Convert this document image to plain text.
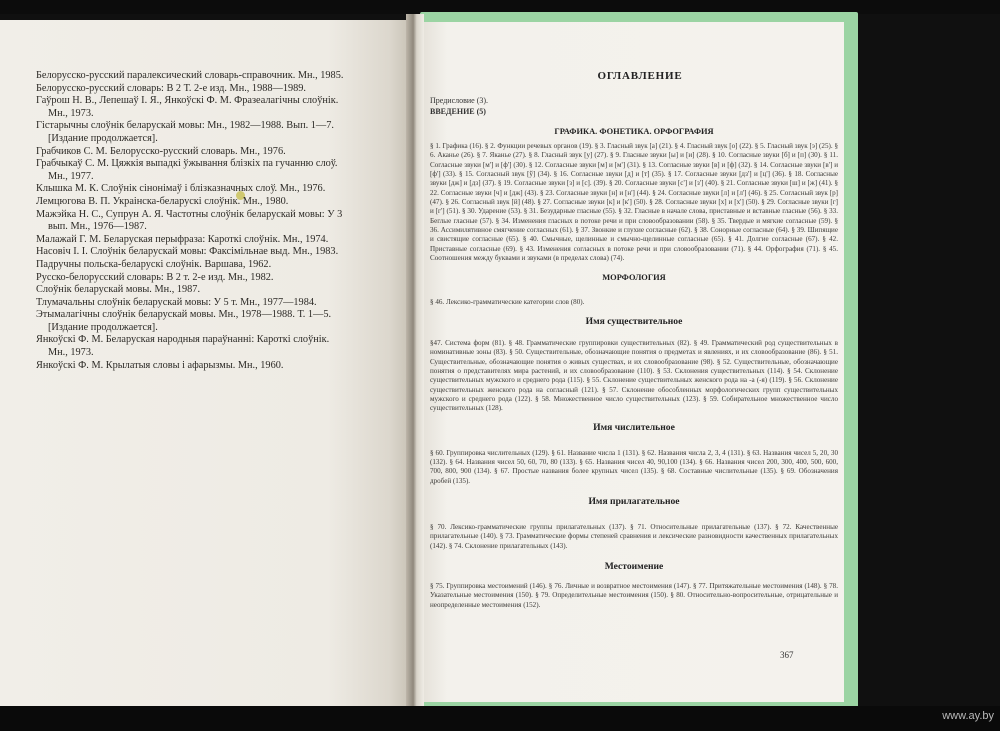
Белорусско-русский паралексический словарь-справочник. Мн., 1985.
Белорусско-русский словарь: В 2 Т. 2-е изд. Мн., 1988—1989.
Гаўрош Н. В., Лепешаў І. Я., Янкоўскі Ф. М. Фразеалагічны слоўнік.
Мн., 1973.
Гістарычны слоўнік беларускай мовы: Мн., 1982—1988. Вып. 1—7.
[Издание продолжается].
Грабчиков С. М. Белорусско-русский словарь. Мн., 1976.
Грабчыкаў С. М. Цяжкія выпадкі ўжывання блізкіх па гучанню слоў.
Мн., 1977.
Клышка М. К. Слоўнік сінонімаў і блізказначных слоў. Мн., 1976.
Лемцюгова В. П. Украінска-беларускі слоўнік. Мн., 1980.
Мажэйка Н. С., Супрун А. Я. Частотны слоўнік беларускай мовы: У 3
вып. Мн., 1976—1987.
Малажай Г. М. Беларуская перыфраза: Кароткі слоўнік. Мн., 1974.
Насовіч І. І. Слоўнік беларускай мовы: Факсімільнае выд. Мн., 1983.
Падручны польска-беларускі слоўнік. Варшава, 1962.
Русско-белорусский словарь: В 2 т. 2-е изд. Мн., 1982.
Слоўнік беларускай мовы. Мн., 1987.
Тлумачальны слоўнік беларускай мовы: У 5 т. Мн., 1977—1984.
Этымалагічны слоўнік беларускай мовы. Мн., 1978—1988. Т. 1—5.
[Издание продолжается].
Янкоўскі Ф. М. Беларуская народныя параўнанні: Кароткі слоўнік.
Мн., 1973.
Янкоўскі Ф. М. Крылатыя словы і афарызмы. Мн., 1960.
ОГЛАВЛЕНИЕ
Предисловие (3).
ВВЕДЕНИЕ (5)
ГРАФИКА. ФОНЕТИКА. ОРФОГРАФИЯ
§ 1. Графика (16). § 2. Функции речевых органов (19). § 3. Гласный звук [а] (21). § 4. Гласный звук [о] (22). § 5. Гласный звук [э] (25). § 6. Аканье (26). § 7. Яканье (27). § 8. Гласный звук [у] (27). § 9. Гласные звуки [ы] и [и] (28). § 10. Согласные звуки [б] и [п] (30). § 11. Согласные звуки [м'] и [ф'] (30). § 12. Согласные звуки [м] и [м'] (31). § 13. Согласные звуки [в] и [ф] (32). § 14. Согласные звуки [в'] и [ф'] (33). § 15. Согласный звук [ў] (34). § 16. Согласные звуки [д] и [т] (35). § 17. Согласные звуки [дз'] и [ц'] (36). § 18. Согласные звуки [дж] и [дз] (37). § 19. Согласные звуки [з] и [с]. (39). § 20. Согласные звуки [с'] и [з'] (40). § 21. Согласные звуки [ш] и [ж] (41). § 22. Согласные звуки [ч] и [дж] (43). § 23. Согласные звуки [н] и [н'] (44). § 24. Согласные звуки [л] и [л'] (46). § 25. Согласный звук [р] (47). § 26. Согласный звук [й] (48). § 27. Согласные звуки [к] и [к'] (50). § 28. Согласные звуки [х] и [х'] (50). § 29. Согласные звуки [г] и [г'] (51). § 30. Ударение (53). § 31. Безударные гласные (55). § 32. Гласные в начале слова, приставные и вставные гласные (56). § 33. Беглые гласные (57). § 34. Изменения гласных в потоке речи и при словообразовании (58). § 35. Твердые и мягкие согласные (59). § 36. Ассимилятивное смягчение согласных (61). § 37. Звонкие и глухие согласные (62). § 38. Сонорные согласные (64). § 39. Шипящие и свистящие согласные (65). § 40. Смычные, щелинные и смычно-щелинные согласные (65). § 41. Долгие согласные (67). § 42. Приставные согласные (69). § 43. Изменения согласных в потоке речи и при словообразовании (71). § 44. Орфография (71). § 45. Соотношения между буквами и звуками (в пределах слова) (74).
МОРФОЛОГИЯ
§ 46. Лексико-грамматические категории слов (80).
Имя существительное
§47. Система форм (81). § 48. Грамматические группировки существительных (82). § 49. Грамматический род существительных в номинативные зоны (83). § 50. Существительные, обозначающие понятия о предметах и явлениях, и их словообразование (86). § 51. Существительные, обозначающие понятия о живых существах, и их словообразование (98). § 52. Существительные, обозначающие понятия о представителях мира растений, и их словообразование (110). § 53. Склонения существительных (114). § 54. Склонение существительных мужского и среднего рода (115). § 55. Склонение существительных женского рода на -а (-я) (119). § 56. Склонение существительных женского рода на согласный (121). § 57. Склонение обособленных морфологических групп существительных мужского и среднего рода (122). § 58. Множественное число существительных (123). § 59. Собирательное множественное число существительных (128).
Имя числительное
§ 60. Группировка числительных (129). § 61. Название числа 1 (131). § 62. Названия числа 2, 3, 4 (131). § 63. Названия чисел 5, 20, 30 (132). § 64. Названия чисел 50, 60, 70, 80 (133). § 65. Названия чисел 40, 90,100 (134). § 66. Названия чисел 200, 300, 400, 500, 600, 700, 800, 900 (134). § 67. Простые названия более крупных чисел (135). § 68. Составные числительные (135). § 69. Обозначения дробей (135).
Имя прилагательное
§ 70. Лексико-грамматические группы прилагательных (137). § 71. Относительные прилагательные (137). § 72. Качественные прилагательные (140). § 73. Грамматические формы степеней сравнения и лексические разновидности качественных прилагательных (142). § 74. Склонение прилагательных (143).
Местоимение
§ 75. Группировка местоимений (146). § 76. Личные и возвратное местоимения (147). § 77. Притяжательные местоимения (148). § 78. Указательные местоимения (150). § 79. Определительные местоимения (150). § 80. Относительно-вопросительные, отрицательные и неопределенные местоимения (152).
367
www.ay.by
